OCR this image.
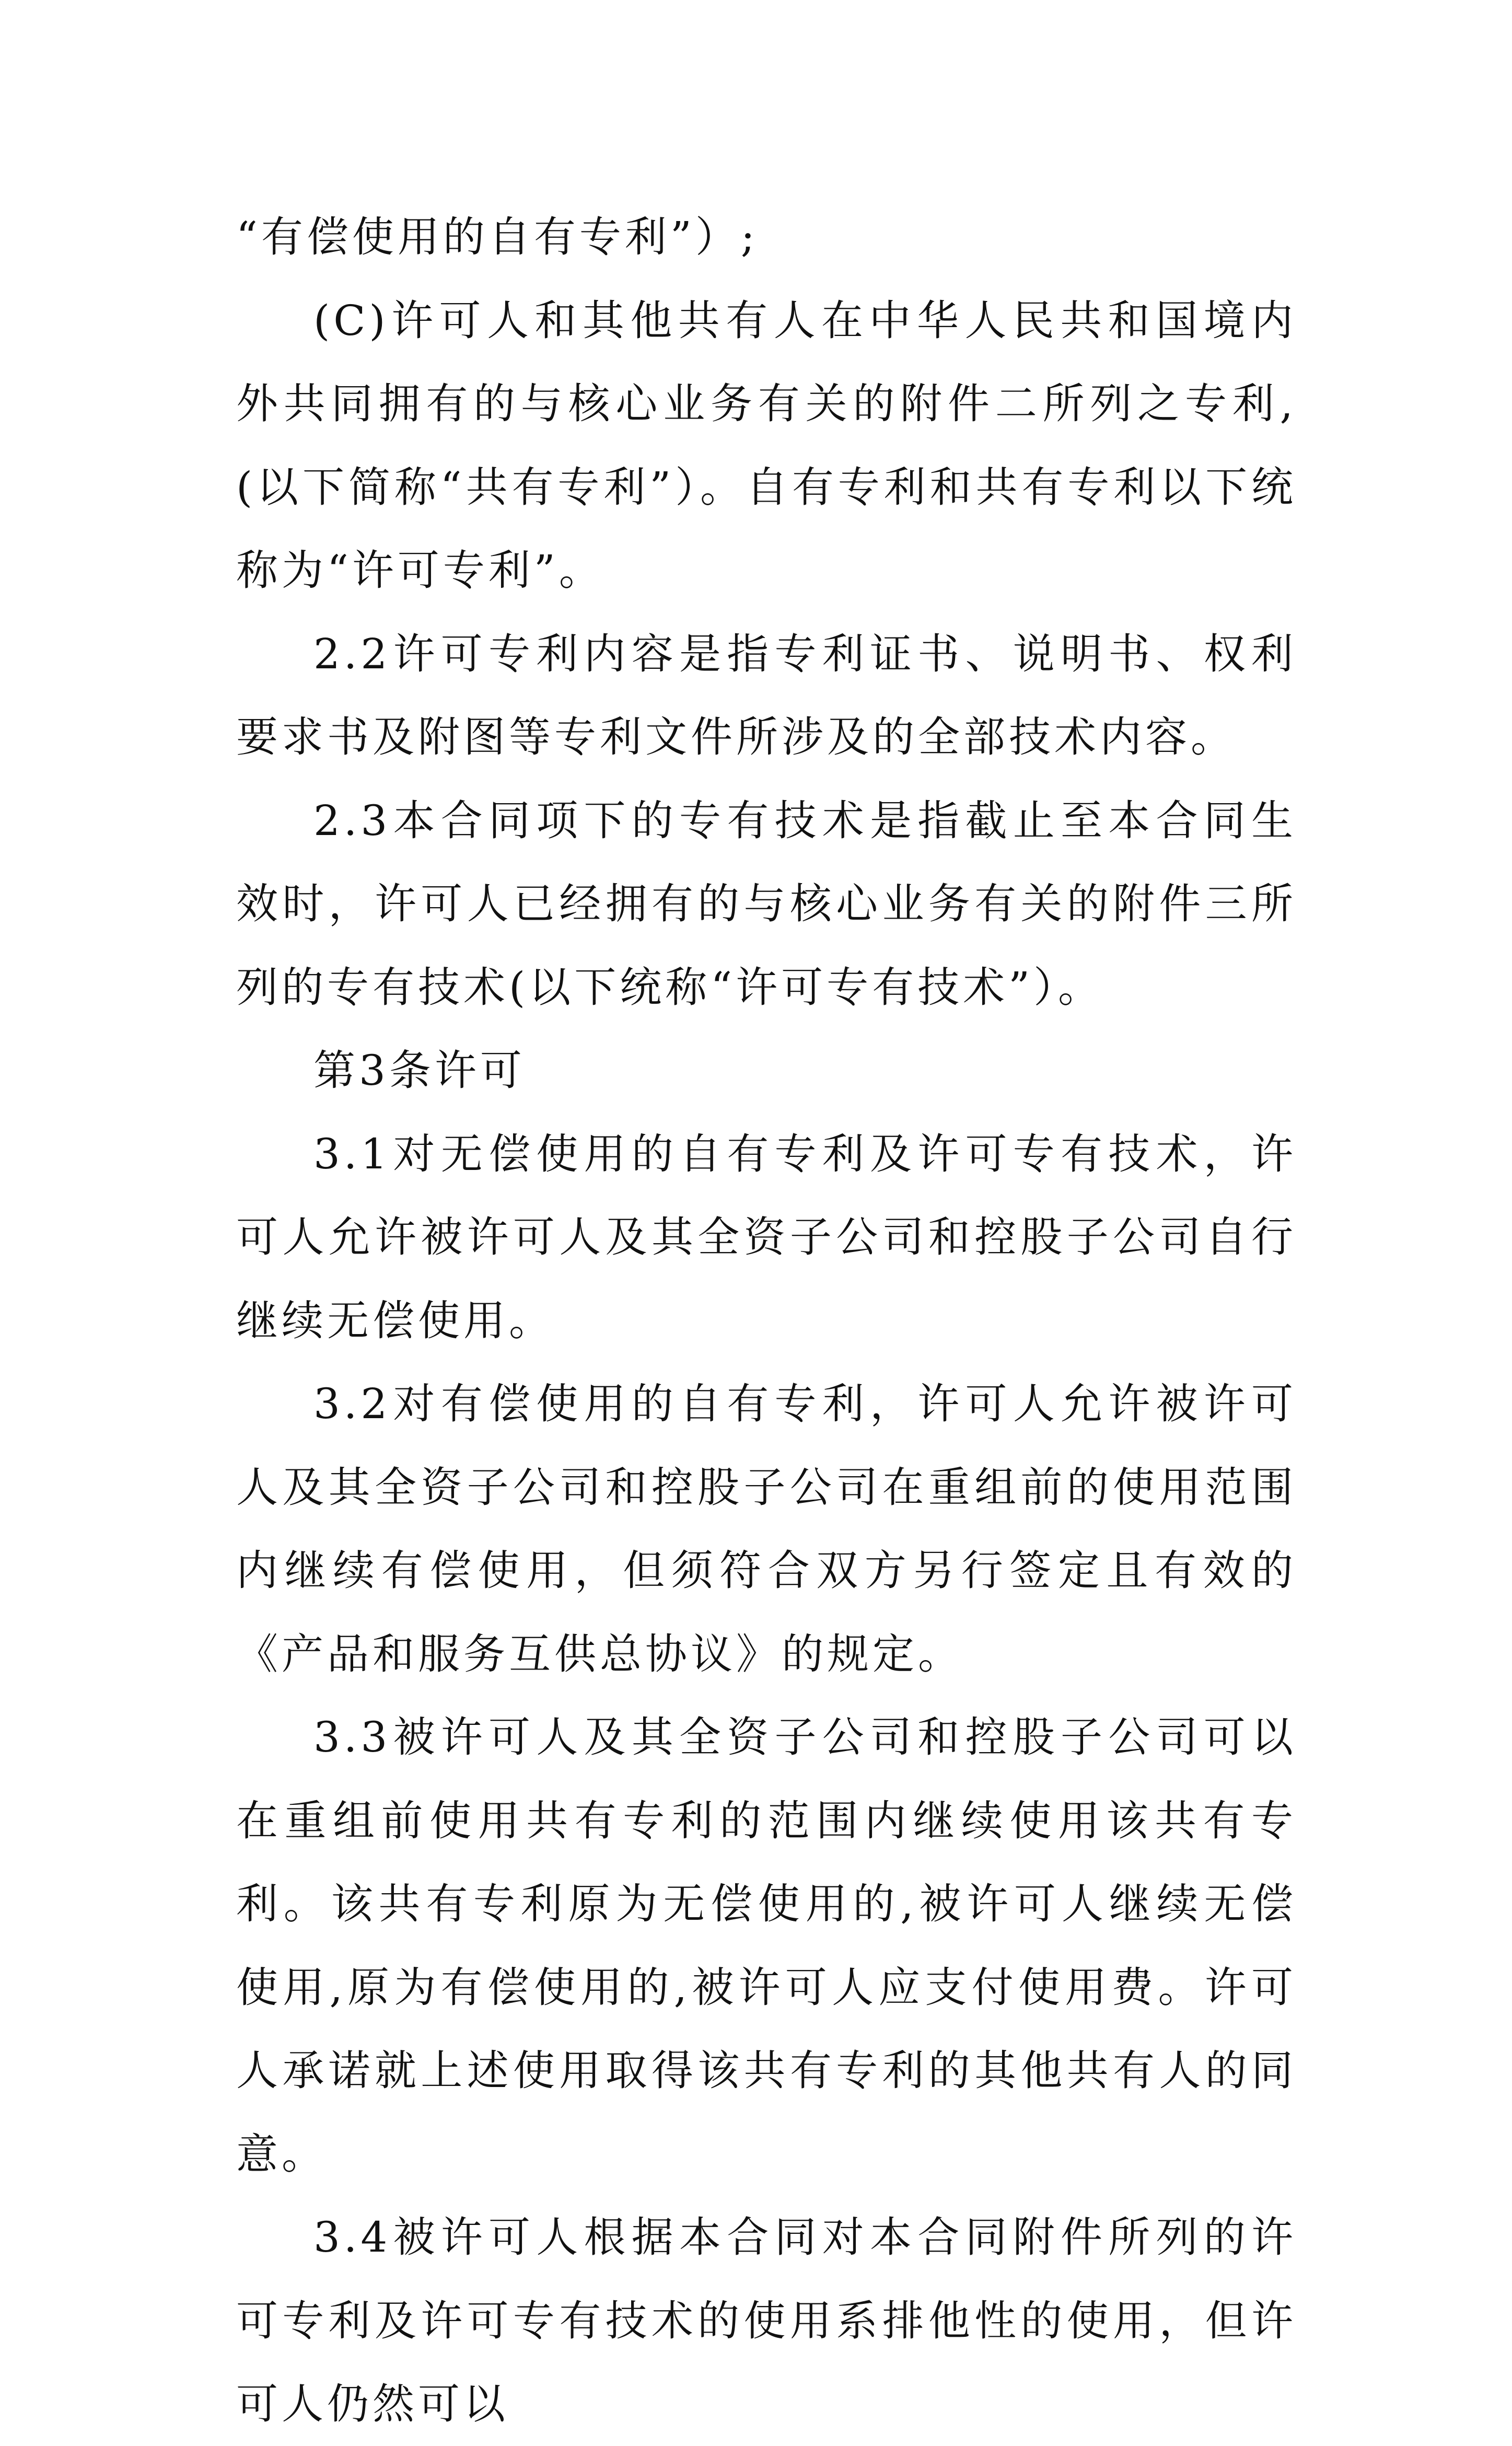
“有偿使用的自有专利”）;

(C)许可人和其他共有人在中华人民共和国境内外共同拥有的与核心业务有关的附件二所列之专利,(以下简称“共有专利”）。自有专利和共有专利以下统称为“许可专利”。

2.2许可专利内容是指专利证书、说明书、权利要求书及附图等专利文件所涉及的全部技术内容。

2.3本合同项下的专有技术是指截止至本合同生效时，许可人已经拥有的与核心业务有关的附件三所列的专有技术(以下统称“许可专有技术”）。

第3条许可

3.1对无偿使用的自有专利及许可专有技术，许可人允许被许可人及其全资子公司和控股子公司自行继续无偿使用。

3.2对有偿使用的自有专利，许可人允许被许可人及其全资子公司和控股子公司在重组前的使用范围内继续有偿使用，但须符合双方另行签定且有效的《产品和服务互供总协议》的规定。

3.3被许可人及其全资子公司和控股子公司可以在重组前使用共有专利的范围内继续使用该共有专利。该共有专利原为无偿使用的,被许可人继续无偿使用,原为有偿使用的,被许可人应支付使用费。许可人承诺就上述使用取得该共有专利的其他共有人的同意。

3.4被许可人根据本合同对本合同附件所列的许可专利及许可专有技术的使用系排他性的使用，但许可人仍然可以
